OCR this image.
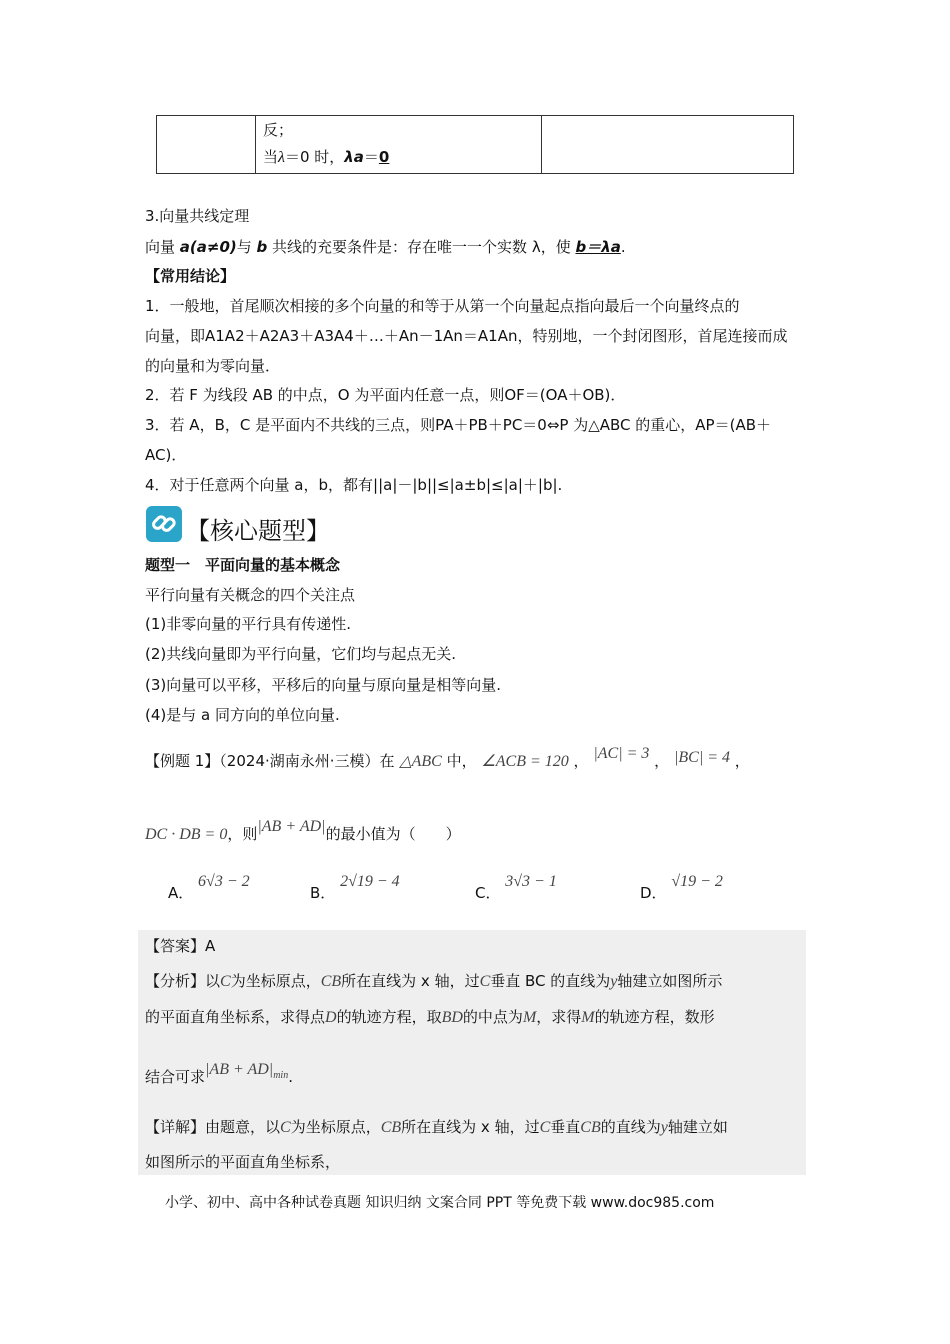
反；
当λ＝0 时，λa＝0
3.向量共线定理
向量 a(a≠0)与 b 共线的充要条件是：存在唯一一个实数 λ，使 b＝λa.
【常用结论】
1．一般地，首尾顺次相接的多个向量的和等于从第一个向量起点指向最后一个向量终点的
向量，即A1A2＋A2A3＋A3A4＋…＋An－1An＝A1An，特别地，一个封闭图形，首尾连接而成
的向量和为零向量．
2．若 F 为线段 AB 的中点，O 为平面内任意一点，则OF＝(OA＋OB)．
3．若 A，B，C 是平面内不共线的三点，则PA＋PB＋PC＝0⇔P 为△ABC 的重心，AP＝(AB＋
AC)．
4．对于任意两个向量 a，b，都有||a|－|b||≤|a±b|≤|a|＋|b|.
【核心题型】
题型一　平面向量的基本概念
平行向量有关概念的四个关注点
(1)非零向量的平行具有传递性.
(2)共线向量即为平行向量，它们均与起点无关.
(3)向量可以平移，平移后的向量与原向量是相等向量.
(4)是与 a 同方向的单位向量.
【例题 1】（2024·湖南永州·三模）在 △ABC 中， ∠ACB = 120 ， |AC| = 3 ， |BC| = 4 ，
DC · DB = 0，则|AB + AD|的最小值为（　　）
A． 6√3 − 2
B． 2√19 − 4
C． 3√3 − 1
D． √19 − 2
【答案】A
【分析】以C为坐标原点，CB所在直线为 x 轴，过C垂直 BC 的直线为y轴建立如图所示
的平面直角坐标系，求得点D的轨迹方程，取BD的中点为M，求得M的轨迹方程，数形
结合可求$|AB + AD|^{min}$.
【详解】由题意，以C为坐标原点，CB所在直线为 x 轴，过C垂直CB的直线为y轴建立如
如图所示的平面直角坐标系，
小学、初中、高中各种试卷真题 知识归纳 文案合同 PPT 等免费下载 www.doc985.com
